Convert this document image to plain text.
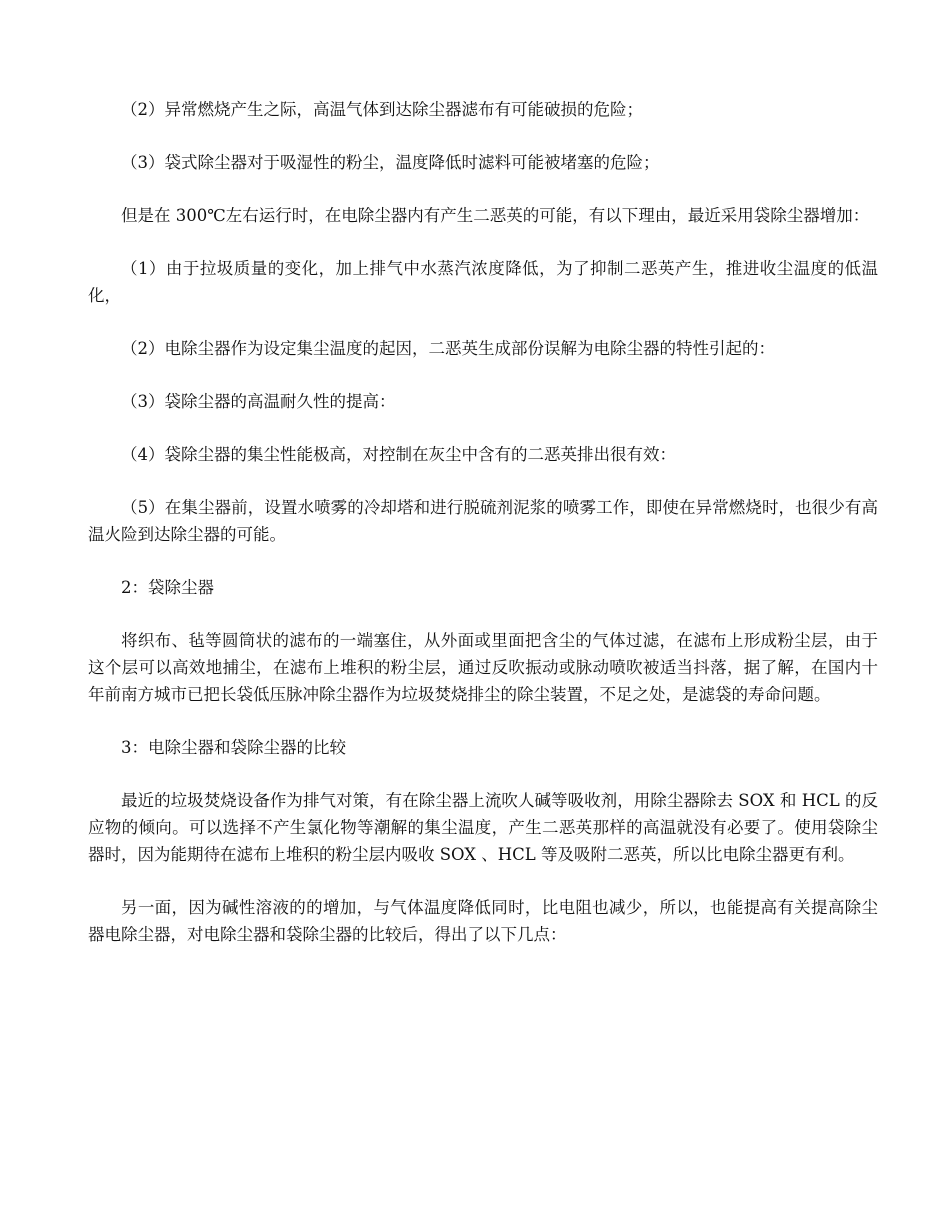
（2）异常燃烧产生之际，高温气体到达除尘器滤布有可能破损的危险；

（3）袋式除尘器对于吸湿性的粉尘，温度降低时滤料可能被堵塞的危险；

但是在 300℃左右运行时，在电除尘器内有产生二恶英的可能，有以下理由，最近采用袋除尘器增加：

（1）由于拉圾质量的变化，加上排气中水蒸汽浓度降低，为了抑制二恶英产生，推进收尘温度的低温化，

（2）电除尘器作为设定集尘温度的起因，二恶英生成部份误解为电除尘器的特性引起的：

（3）袋除尘器的高温耐久性的提高：

（4）袋除尘器的集尘性能极高，对控制在灰尘中含有的二恶英排出很有效：

（5）在集尘器前，设置水喷雾的冷却塔和进行脱硫剂泥浆的喷雾工作，即使在异常燃烧时，也很少有高温火险到达除尘器的可能。

2：袋除尘器

将织布、毡等圆筒状的滤布的一端塞住，从外面或里面把含尘的气体过滤，在滤布上形成粉尘层，由于这个层可以高效地捕尘，在滤布上堆积的粉尘层，通过反吹振动或脉动喷吹被适当抖落，据了解，在国内十年前南方城市已把长袋低压脉冲除尘器作为垃圾焚烧排尘的除尘装置，不足之处，是滤袋的寿命问题。

3：电除尘器和袋除尘器的比较

最近的垃圾焚烧设备作为排气对策，有在除尘器上流吹人碱等吸收剂，用除尘器除去 SOX 和 HCL 的反应物的倾向。可以选择不产生氯化物等潮解的集尘温度，产生二恶英那样的高温就没有必要了。使用袋除尘器时，因为能期待在滤布上堆积的粉尘层内吸收 SOX 、HCL 等及吸附二恶英，所以比电除尘器更有利。

另一面，因为碱性溶液的的增加，与气体温度降低同时，比电阻也减少，所以，也能提高有关提高除尘器电除尘器，对电除尘器和袋除尘器的比较后，得出了以下几点：
